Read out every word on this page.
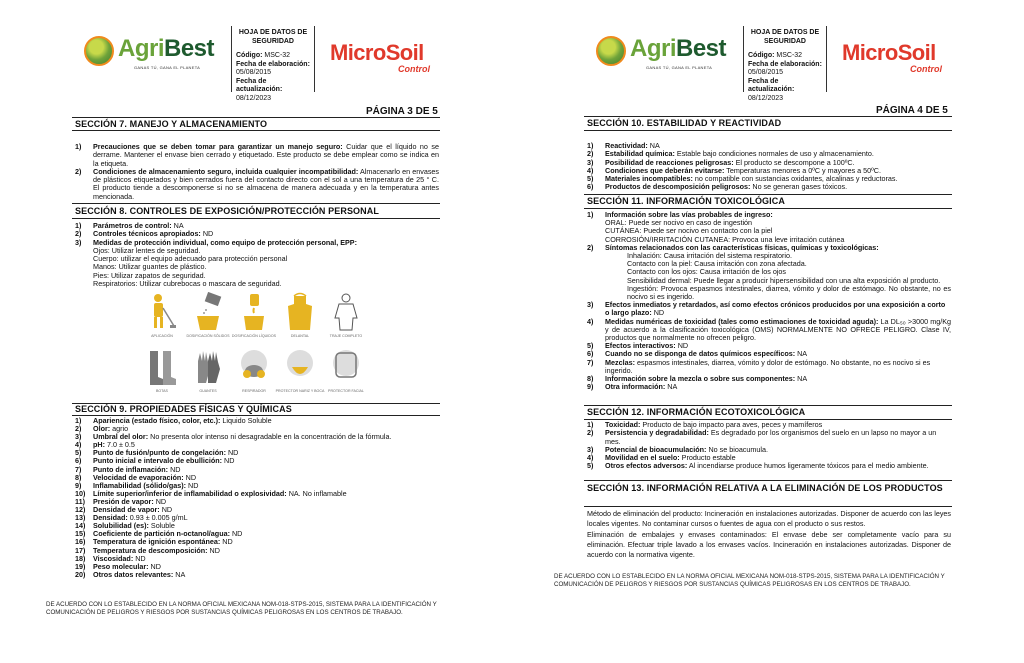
AgriBest
GANAS TÚ, GANA EL PLANETA
HOJA DE DATOS DE SEGURIDAD
Código: MSC-32
Fecha de elaboración:
05/08/2015
Fecha de actualización:
08/12/2023
MicroSoil
Control
PÁGINA 3 DE 5
SECCIÓN 7. MANEJO Y ALMACENAMIENTO
1)	Precauciones que se deben tomar para garantizar un manejo seguro: Cuidar que el líquido no se derrame. Mantener el envase bien cerrado y etiquetado. Este producto se debe emplear como se indica en la etiqueta.
2)	Condiciones de almacenamiento seguro, incluida cualquier incompatibilidad: Almacenarlo en envases de plásticos etiquetados y bien cerrados fuera del contacto directo con el sol a una temperatura de 25 ° C. El producto tiende a descomponerse si no se almacena de manera adecuada y en la temperatura antes mencionada.
SECCIÓN 8. CONTROLES DE EXPOSICIÓN/PROTECCIÓN PERSONAL
1)	Parámetros de control: NA
2)	Controles técnicos apropiados: ND
3)	Medidas de protección individual, como equipo de protección personal, EPP:
Ojos: Utilizar lentes de seguridad.
Cuerpo: utilizar el equipo adecuado para protección personal
Manos: Utilizar guantes de plástico.
Pies: Utilizar zapatos de seguridad.
Respiratorios: Utilizar cubrebocas o mascara de seguridad.
APLICACIÓN	DOSIFICACIÓN SÓLIDOS DOSIFICACIÓN LÍQUIDOS	DELANTAL	TRAJE COMPLETO
BOTAS	GUANTES	RESPIRADOR	PROTECTOR NARIZ Y BOCA	PROTECTOR FACIAL
SECCIÓN 9. PROPIEDADES FÍSICAS Y QUÍMICAS
1)	Apariencia (estado físico, color, etc.): Liquido Soluble
2)	Olor: agrio
3)	Umbral del olor: No presenta olor intenso ni desagradable en la concentración de la fórmula.
4)	pH: 7.0 ± 0.5
5)	Punto de fusión/punto de congelación: ND
6)	Punto inicial e intervalo de ebullición: ND
7)	Punto de inflamación: ND
8)	Velocidad de evaporación: ND
9)	Inflamabilidad (sólido/gas): ND
10)	Límite superior/inferior de inflamabilidad o explosividad: NA. No inflamable
11)	Presión de vapor: ND
12)	Densidad de vapor: ND
13)	Densidad: 0.93 ± 0.005 g/mL
14)	Solubilidad (es): Soluble
15)	Coeficiente de partición n-octanol/agua: ND
16)	Temperatura de ignición espontánea: ND
17)	Temperatura de descomposición: ND
18)	Viscosidad: ND
19)	Peso molecular: ND
20)	Otros datos relevantes: NA
DE ACUERDO CON LO ESTABLECIDO EN LA NORMA OFICIAL MEXICANA NOM-018-STPS-2015, SISTEMA PARA LA IDENTIFICACIÓN Y COMUNICACIÓN DE PELIGROS Y RIESGOS POR SUSTANCIAS QUÍMICAS PELIGROSAS EN LOS CENTROS DE TRABAJO.
AgriBest
GANAS TÚ, GANA EL PLANETA
HOJA DE DATOS DE SEGURIDAD
Código: MSC-32
Fecha de elaboración:
05/08/2015
Fecha de actualización:
08/12/2023
MicroSoil
Control
PÁGINA 4 DE 5
SECCIÓN 10. ESTABILIDAD Y REACTIVIDAD
1)	Reactividad: NA
2)	Estabilidad química: Estable bajo condiciones normales de uso y almacenamiento.
3)	Posibilidad de reacciones peligrosas: El producto se descompone a 100ºC.
4)	Condiciones que deberán evitarse: Temperaturas menores a 0ºC y mayores a 50ºC.
5)	Materiales incompatibles: no compatible con sustancias oxidantes, alcalinas y reductoras.
6)	Productos de descomposición peligrosos: No se generan gases tóxicos.
SECCIÓN 11. INFORMACIÓN TOXICOLÓGICA
1)	Información sobre las vías probables de ingreso:
ORAL: Puede ser nocivo en caso de ingestión
CUTÁNEA: Puede ser nocivo en contacto con la piel
CORROSIÓN/IRRITACIÓN CUTANEA: Provoca una leve irritación cutánea
2)	Síntomas relacionados con las características físicas, químicas y toxicológicas:
Inhalación: Causa irritación del sistema respiratorio.
Contacto con la piel: Causa irritación con zona afectada.
Contacto con los ojos: Causa irritación de los ojos
Sensibilidad dermal: Puede llegar a producir hipersensibilidad con una alta exposición al producto.
Ingestión: Provoca espasmos intestinales, diarrea, vómito y dolor de estómago. No obstante, no es nocivo si es ingerido.
3)	Efectos inmediatos y retardados, así como efectos crónicos producidos por una exposición a corto o largo plazo: ND
4)	Medidas numéricas de toxicidad (tales como estimaciones de toxicidad aguda): La DL₅₀ >3000 mg/Kg y de acuerdo a la clasificación toxicológica (OMS) NORMALMENTE NO OFRECE PELIGRO. Clase IV, productos que normalmente no ofrecen peligro.
5)	Efectos interactivos: ND
6)	Cuando no se disponga de datos químicos específicos: NA
7)	Mezclas: espasmos intestinales, diarrea, vómito y dolor de estómago. No obstante, no es nocivo si es ingerido.
8)	Información sobre la mezcla o sobre sus componentes: NA
9)	Otra información: NA
SECCIÓN 12. INFORMACIÓN ECOTOXICOLÓGICA
1)	Toxicidad: Producto de bajo impacto para aves, peces y mamíferos
2)	Persistencia y degradabilidad: Es degradado por los organismos del suelo en un lapso no mayor a un mes.
3)	Potencial de bioacumulación: No se bioacumula.
4)	Movilidad en el suelo: Producto estable
5)	Otros efectos adversos: Al incendiarse produce humos ligeramente tóxicos para el medio ambiente.
SECCIÓN 13. INFORMACIÓN RELATIVA A LA ELIMINACIÓN DE LOS PRODUCTOS
Método de eliminación del producto: Incineración en instalaciones autorizadas. Disponer de acuerdo con las leyes locales vigentes. No contaminar cursos o fuentes de agua con el producto o sus restos.
Eliminación de embalajes y envases contaminados: El envase debe ser completamente vacío para su eliminación. Efectuar triple lavado a los envases vacíos. Incineración en instalaciones autorizadas. Disponer de acuerdo con la normativa vigente.
DE ACUERDO CON LO ESTABLECIDO EN LA NORMA OFICIAL MEXICANA NOM-018-STPS-2015, SISTEMA PARA LA IDENTIFICACIÓN Y COMUNICACIÓN DE PELIGROS Y RIESGOS POR SUSTANCIAS QUÍMICAS PELIGROSAS EN LOS CENTROS DE TRABAJO.
